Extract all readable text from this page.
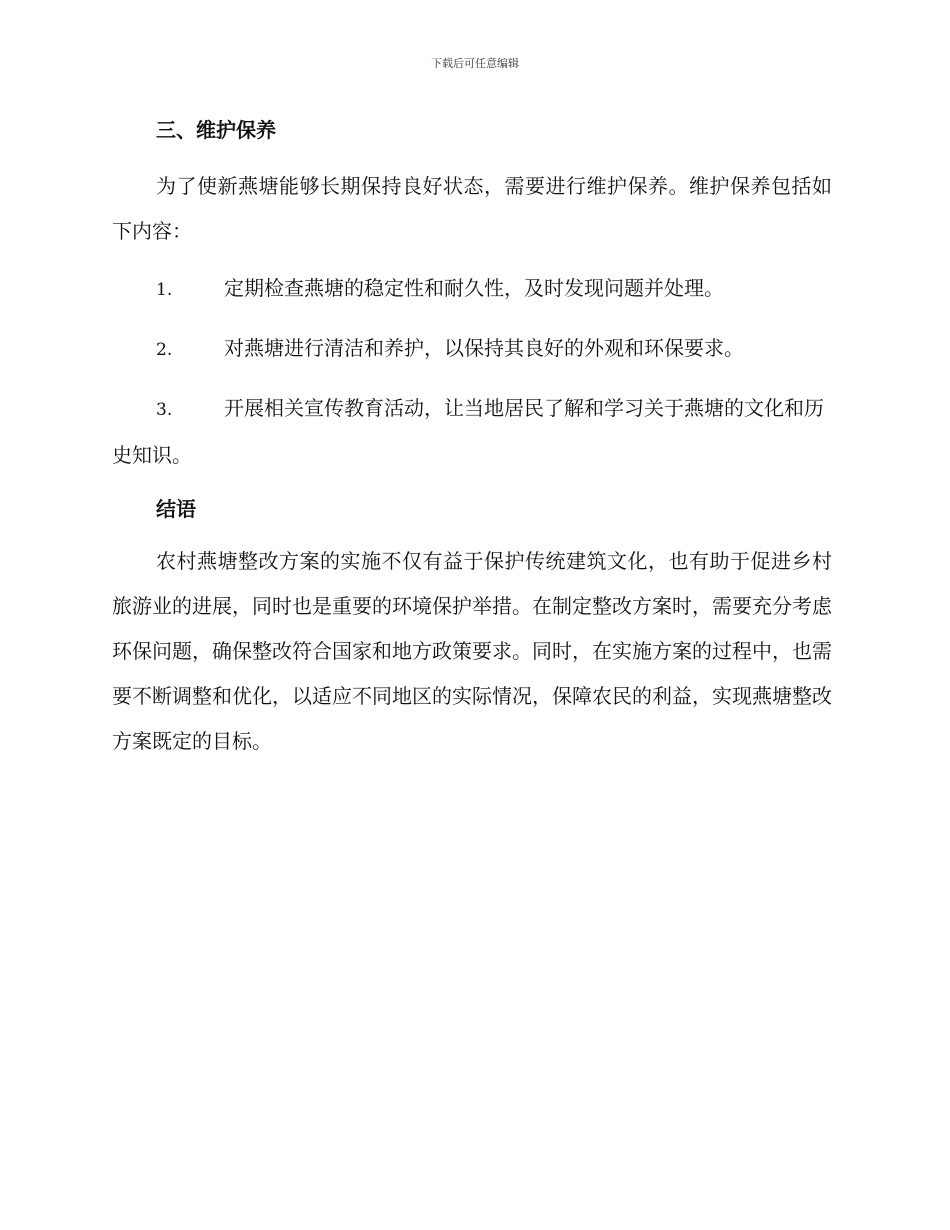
下载后可任意编辑
三、维护保养

为了使新燕塘能够长期保持良好状态，需要进行维护保养。维护保养包括如下内容：

1.	定期检查燕塘的稳定性和耐久性，及时发现问题并处理。
2.	对燕塘进行清洁和养护，以保持其良好的外观和环保要求。
3.	开展相关宣传教育活动，让当地居民了解和学习关于燕塘的文化和历史知识。
结语

农村燕塘整改方案的实施不仅有益于保护传统建筑文化，也有助于促进乡村旅游业的进展，同时也是重要的环境保护举措。在制定整改方案时，需要充分考虑环保问题，确保整改符合国家和地方政策要求。同时，在实施方案的过程中，也需要不断调整和优化，以适应不同地区的实际情况，保障农民的利益，实现燕塘整改方案既定的目标。
